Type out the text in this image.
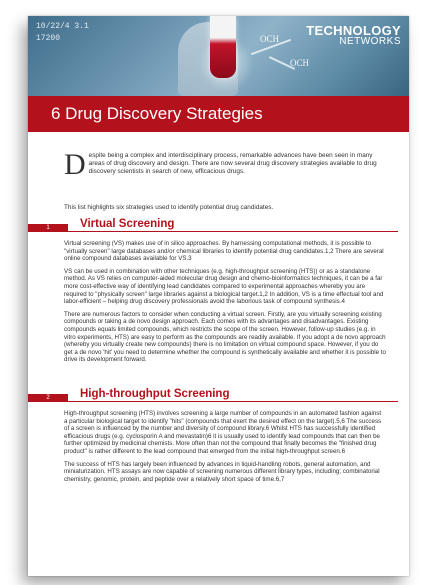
10/22/4 3.1
17200	OCH
OCH
TECHNOLOGY
NETWORKS
6 Drug Discovery Strategies
D espite being a complex and interdisciplinary process, remarkable advances have been seen in many areas of drug discovery and design. There are now several drug discovery strategies available to drug discovery scientists in search of new, efficacious drugs.

This list highlights six strategies used to identify potential drug candidates.
1	Virtual Screening

Virtual screening (VS) makes use of in silico approaches. By harnessing computational methods, it is possible to "virtually screen" large databases and/or chemical libraries to identify potential drug candidates.1,2 There are several online compound databases available for VS.3

VS can be used in combination with other techniques (e.g. high-throughput screening (HTS)) or as a standalone method. As VS relies on computer-aided molecular drug design and chemo-bioinformatics techniques, it can be a far more cost-effective way of identifying lead candidates compared to experimental approaches whereby you are required to "physically screen" large libraries against a biological target.1,2 In addition, VS is a time effectual tool and labor-efficient – helping drug discovery professionals avoid the laborious task of compound synthesis.4

There are numerous factors to consider when conducting a virtual screen. Firstly, are you virtually screening existing compounds or taking a de novo design approach. Each comes with its advantages and disadvantages. Existing compounds equals limited compounds, which restricts the scope of the screen. However, follow-up studies (e.g. in vitro experiments, HTS) are easy to perform as the compounds are readily available. If you adopt a de novo approach (whereby you virtually create new compounds) there is no limitation on virtual compound space. However, if you do get a de novo 'hit' you need to determine whether the compound is synthetically available and whether it is possible to drive its development forward.

2	High-throughput Screening

High-throughput screening (HTS) involves screening a large number of compounds in an automated fashion against a particular biological target to identify "hits" (compounds that exert the desired effect on the target).5,6 The success of a screen is influenced by the number and diversity of compound library.6 Whilst HTS has successfully identified efficacious drugs (e.g. cyclosporin A and mevastatin)6 it is usually used to identify lead compounds that can then be further optimized by medicinal chemists. More often than not the compound that finally becomes the "finished drug product" is rather different to the lead compound that emerged from the initial high-throughput screen.6

The success of HTS has largely been influenced by advances in liquid-handling robots, general automation, and miniaturization. HTS assays are now capable of screening numerous different library types, including; combinatorial chemistry, genomic, protein, and peptide over a relatively short space of time.6,7
